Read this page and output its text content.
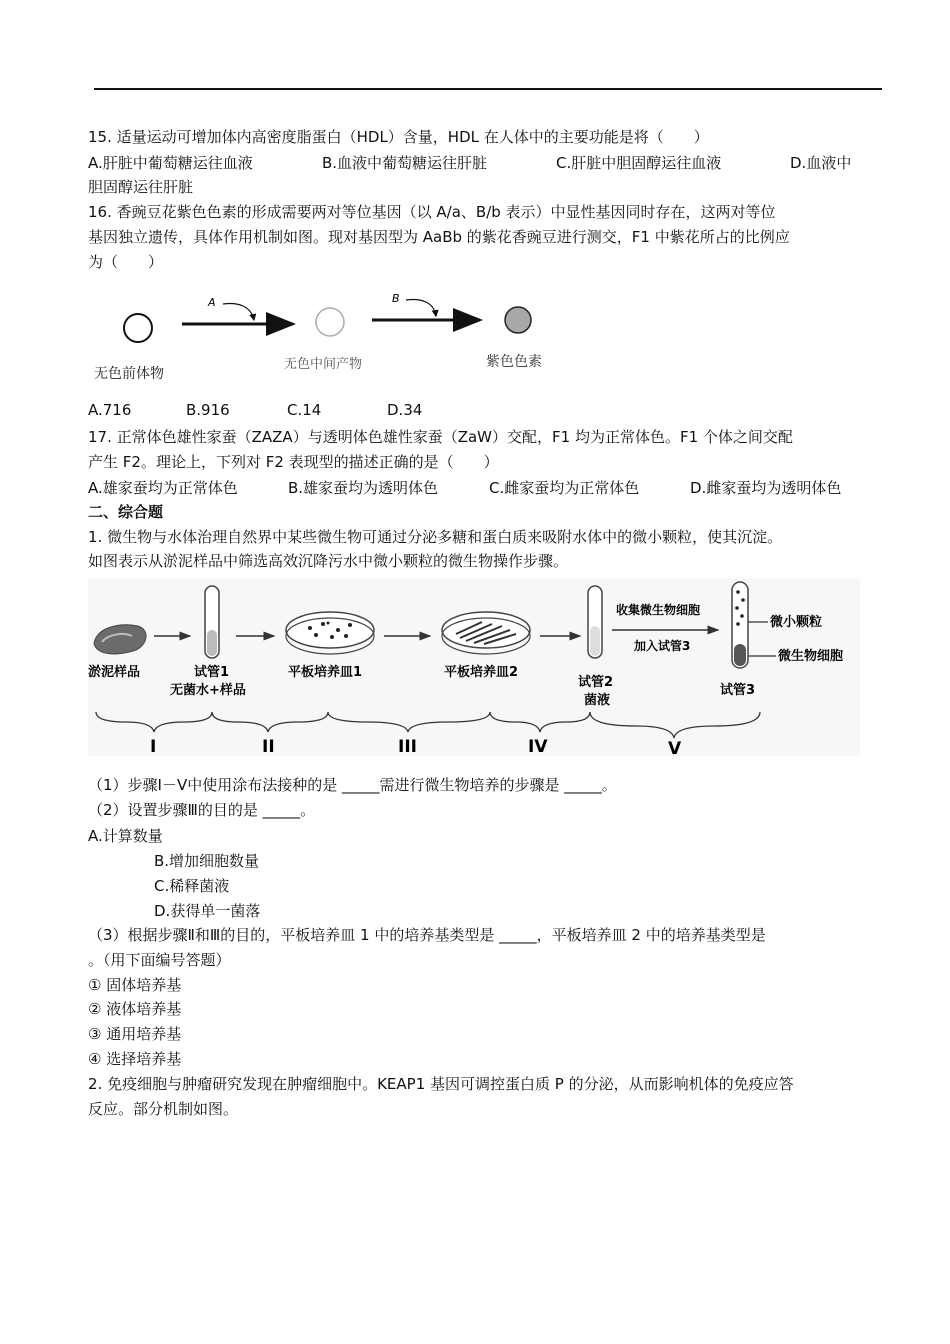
15. 适量运动可增加体内高密度脂蛋白（HDL）含量，HDL 在人体中的主要功能是将（　　）
A.肝脏中葡萄糖运往血液	B.血液中葡萄糖运往肝脏	C.肝脏中胆固醇运往血液	D.血液中
胆固醇运往肝脏
16. 香豌豆花紫色色素的形成需要两对等位基因（以 A/a、B/b 表示）中显性基因同时存在，这两对等位
基因独立遗传，具体作用机制如图。现对基因型为 AaBb 的紫花香豌豆进行测交，F1 中紫花所占的比例应
为（　　）
A	B
无色前体物
无色中间产物	紫色色素
A.716	B.916	C.14	D.34
17. 正常体色雄性家蚕（ZAZA）与透明体色雄性家蚕（ZaW）交配，F1 均为正常体色。F1 个体之间交配
产生 F2。理论上，下列对 F2 表现型的描述正确的是（　　）
A.雄家蚕均为正常体色	B.雄家蚕均为透明体色	C.雌家蚕均为正常体色	D.雌家蚕均为透明体色
二、综合题
1. 微生物与水体治理自然界中某些微生物可通过分泌多糖和蛋白质来吸附水体中的微小颗粒，使其沉淀。
如图表示从淤泥样品中筛选高效沉降污水中微小颗粒的微生物操作步骤。
淤泥样品	试管1
无菌水+样品
平板培养皿1	平板培养皿2
试管2
菌液
收集微生物细胞
加入试管3
微小颗粒
微生物细胞
试管3
I	II	III	IV	V
（1）步骤Ⅰ－Ⅴ中使用涂布法接种的是 _____需进行微生物培养的步骤是 _____。
（2）设置步骤Ⅲ的目的是 _____。
A.计算数量
B.增加细胞数量
C.稀释菌液
D.获得单一菌落
（3）根据步骤Ⅱ和Ⅲ的目的，平板培养皿 1 中的培养基类型是 _____，平板培养皿 2 中的培养基类型是
。（用下面编号答题）
① 固体培养基
② 液体培养基
③ 通用培养基
④ 选择培养基
2. 免疫细胞与肿瘤研究发现在肿瘤细胞中。KEAP1 基因可调控蛋白质 P 的分泌，从而影响机体的免疫应答
反应。部分机制如图。
